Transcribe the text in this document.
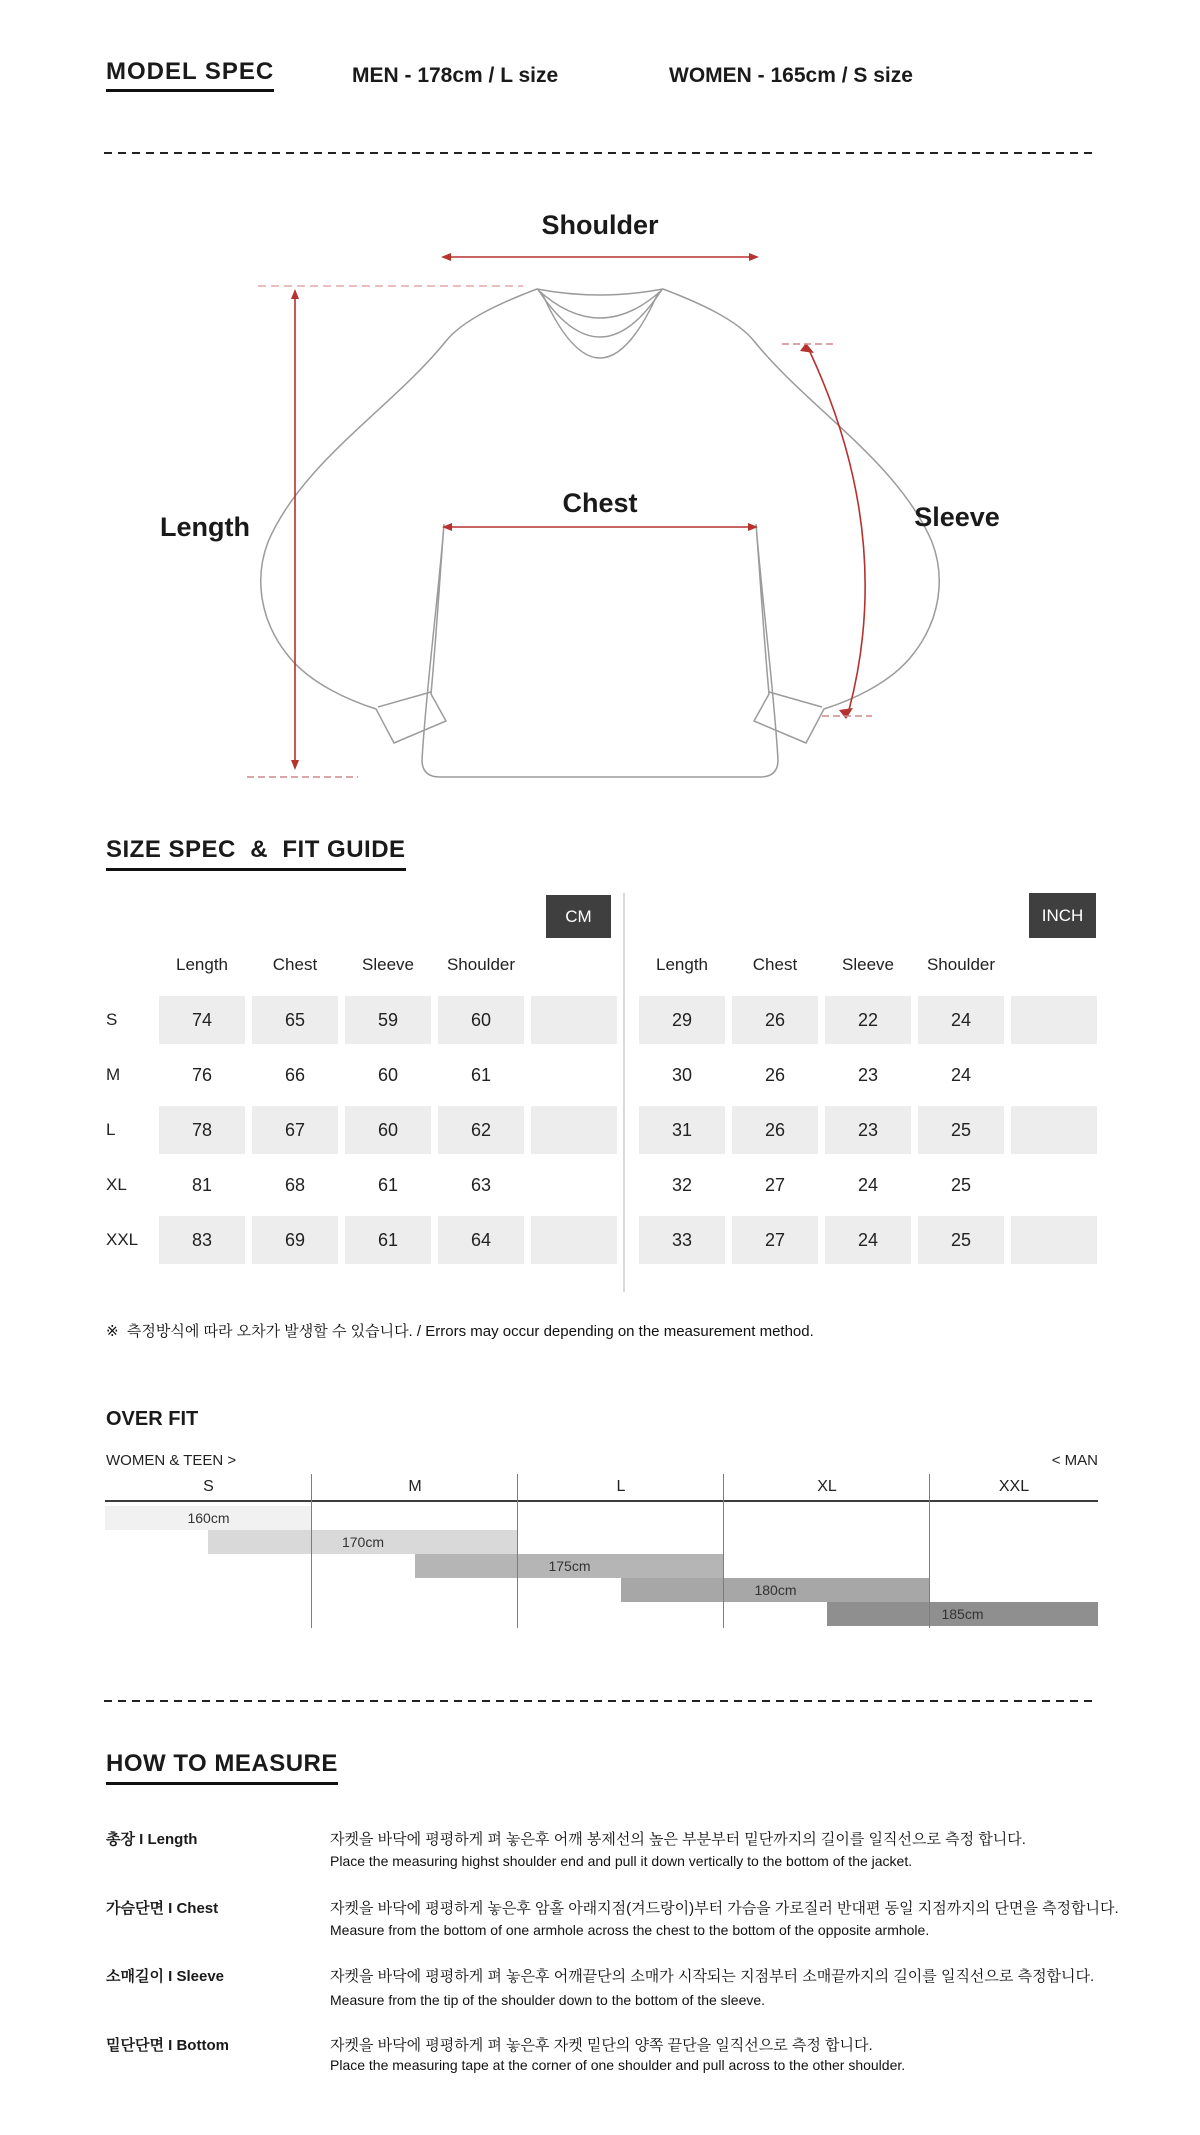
MODEL SPEC	MEN - 178cm / L size	WOMEN - 165cm / S size
Shoulder
Length
Chest	Sleeve
SIZE SPEC  &  FIT GUIDE
CM	INCH
Length	Chest	Sleeve	Shoulder
S	74	65	59	60
M	76	66	60	61
L	78	67	60	62
XL	81	68	61	63
XXL	83	69	61	64
Length	Chest	Sleeve	Shoulder
29	26	22	24
30	26	23	24
31	26	23	25
32	27	24	25
33	27	24	25
※  측정방식에 따라 오차가 발생할 수 있습니다. / Errors may occur depending on the measurement method.
OVER FIT
WOMEN & TEEN >	< MAN
S	M	L	XL	XXL
160cm
170cm
175cm
180cm
185cm
HOW TO MEASURE
총장 I Length	자켓을 바닥에 평평하게 펴 놓은후 어깨 봉제선의 높은 부분부터 밑단까지의 길이를 일직선으로 측정 합니다.
Place the measuring highst shoulder end and pull it down vertically to the bottom of the jacket.
가슴단면 I Chest	자켓을 바닥에 평평하게 놓은후 암홀 아래지점(겨드랑이)부터 가슴을 가로질러 반대편 동일 지점까지의 단면을 측정합니다.
Measure from the bottom of one armhole across the chest to the bottom of the opposite armhole.
소매길이 I Sleeve	자켓을 바닥에 평평하게 펴 놓은후 어깨끝단의 소매가 시작되는 지점부터 소매끝까지의 길이를 일직선으로 측정합니다.
Measure from the tip of the shoulder down to the bottom of the sleeve.
밑단단면 I Bottom	자켓을 바닥에 평평하게 펴 놓은후 자켓 밑단의 양쪽 끝단을 일직선으로 측정 합니다.
Place the measuring tape at the corner of one shoulder and pull across to the other shoulder.
